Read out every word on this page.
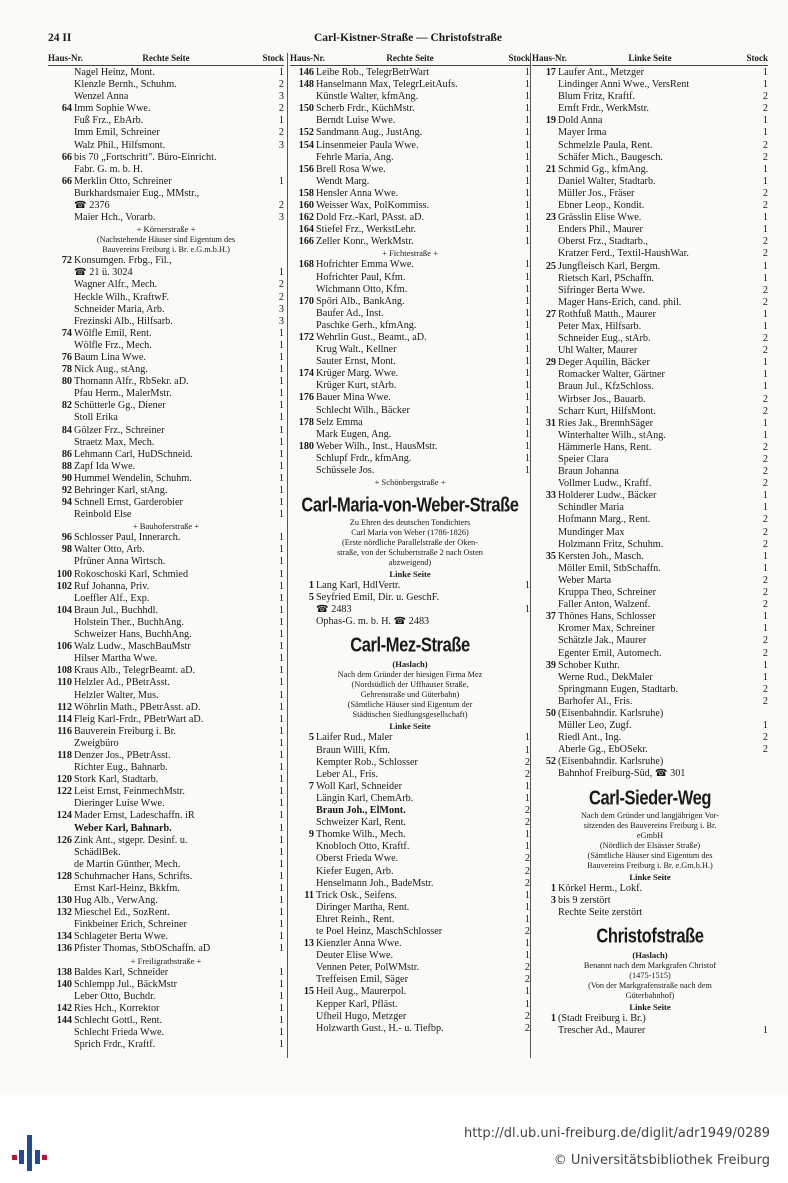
24 II	Carl-Kistner-Straße — Christofstraße
Haus-Nr.	Rechte Seite	Stock
Nagel Heinz, Mont.	1
Klenzle Bernh., Schuhm.	2
Wenzel Anna	3
64 Imm Sophie Wwe.	2
Fuß Frz., EbArb.	1
Imm Emil, Schreiner	2
Walz Phil., Hilfsmont.	3
66 bis 70 „Fortschritt". Büro-Einricht.
Fabr. G. m. b. H.
66 Merklin Otto, Schreiner	1
Burkhardsmaier Eug., MMstr.,
☎ 2376	2
Maier Hch., Vorarb.	3
+ Körnerstraße +
(Nachstehende Häuser sind Eigentum des
Bauvereins Freiburg i. Br. e.G.m.b.H.)
72 Konsumgen. Frbg., Fil.,
☎ 21 ü. 3024	1
Wagner Alfr., Mech.	2
Heckle Wilh., KraftwF.	2
Schneider Maria, Arb.	3
Frezinski Alb., Hilfsarb.	3
74 Wölfle Emil, Rent.	1
Wölfle Frz., Mech.	1
76 Baum Lina Wwe.	1
78 Nick Aug., stAng.	1
80 Thomann Alfr., RbSekr. aD.	1
Pfau Herm., MalerMstr.	1
82 Schütterle Gg., Diener	1
Stoll Erika	1
84 Gölzer Frz., Schreiner	1
Straetz Max, Mech.	1
86 Lehmann Carl, HuDSchneid.	1
88 Zapf Ida Wwe.	1
90 Hummel Wendelin, Schuhm.	1
92 Behringer Karl, stAng.	1
94 Schnell Ernst, Garderobier	1
Reinbold Else	1
+ Bauhoferstraße +
96 Schlosser Paul, Innerarch.	1
98 Walter Otto, Arb.	1
Pfrüner Anna Wirtsch.	1
100 Rokoschoski Karl, Schmied	1
102 Ruf Johanna, Priv.	1
Loeffler Alf., Exp.	1
104 Braun Jul., Buchhdl.	1
Holstein Ther., BuchhAng.	1
Schweizer Hans, BuchhAng.	1
106 Walz Ludw., MaschBauMstr	1
Hilser Martha Wwe.	1
108 Kraus Alb., TelegrBeamt. aD.	1
110 Helzler Ad., PBetrAsst.	1
Helzler Walter, Mus.	1
112 Wöhrlin Math., PBetrAsst. aD.	1
114 Fleig Karl-Frdr., PBetrWart aD.	1
116 Bauverein Freiburg i. Br.	1
Zweigbüro	1
118 Denzer Jos., PBetrAsst.	1
Richter Eug., Bahnarb.	1
120 Stork Karl, Stadtarb.	1
122 Leist Ernst, FeinmechMstr.	1
Dieringer Luise Wwe.	1
124 Mader Ernst, Ladeschaffn. iR	1
Weber Karl, Bahnarb.	1
126 Zink Ant., stgepr. Desinf. u.	1
SchädlBek.	1
de Martin Günther, Mech.	1
128 Schuhmacher Hans, Schrifts.	1
Ernst Karl-Heinz, Bkkfm.	1
130 Hug Alb., VerwAng.	1
132 Mieschel Ed., SozRent.	1
Finkbeiner Erich, Schreiner	1
134 Schlageter Berta Wwe.	1
136 Pfister Thomas, StbOSchaffn. aD	1
+ Freiligrathstraße +
138 Baldes Karl, Schneider	1
140 Schlempp Jul., BäckMstr	1
Leber Otto, Buchdr.	1
142 Ries Hch., Korrektor	1
144 Schlecht Gottl., Rent.	1
Schlecht Frieda Wwe.	1
Sprich Frdr., Kraftf.	1
Haus-Nr.	Rechte Seite	Stock
146 Leibe Rob., TelegrBetrWart	1
148 Hanselmann Max, TelegrLeitAufs.	1
Künstle Walter, kfmAng.	1
150 Scherb Frdr., KüchMstr.	1
Berndt Luise Wwe.	1
152 Sandmann Aug., JustAng.	1
154 Linsenmeier Paula Wwe.	1
Fehrle Maria, Ang.	1
156 Brell Rosa Wwe.	1
Wendt Marg.	1
158 Hensler Anna Wwe.	1
160 Weisser Wax, PolKommiss.	1
162 Dold Frz.-Karl, PAsst. aD.	1
164 Stiefel Frz., WerkstLehr.	1
166 Zeller Konr., WerkMstr.	1
+ Fichtestraße +
168 Hofrichter Emma Wwe.	1
Hofrichter Paul, Kfm.	1
Wichmann Otto, Kfm.	1
170 Spöri Alb., BankAng.	1
Baufer Ad., Inst.	1
Paschke Gerh., kfmAng.	1
172 Wehrlin Gust., Beamt., aD.	1
Krug Walt., Kellner	1
Sauter Ernst, Mont.	1
174 Krüger Marg. Wwe.	1
Krüger Kurt, stArb.	1
176 Bauer Mina Wwe.	1
Schlecht Wilh., Bäcker	1
178 Selz Emma	1
Mark Eugen, Ang.	1
180 Weber Wilh., Inst., HausMstr.	1
Schlupf Frdr., kfmAng.	1
Schüssele Jos.	1
+ Schönbergstraße +
Carl-Maria-von-Weber-Straße
Zu Ehren des deutschen Tondichters
Carl Maria von Weber (1786-1826)
(Erste nördliche Parallelstraße der Oken-
straße, von der Schubertstraße 2 nach Osten
abzweigend)
Linke Seite
1 Lang Karl, HdlVertr.	1
5 Seyfried Emil, Dir. u. GeschF.
☎ 2483	1
Ophas-G. m. b. H. ☎ 2483
Carl-Mez-Straße
(Haslach)
Nach dem Gründer der hiesigen Firma Mez
(Nordsüdlich der Uffhauser Straße,
Gehrenstraße und Güterbahn)
(Sämtliche Häuser sind Eigentum der
Städtischen Siedlungsgesellschaft)
Linke Seite
5 Laifer Rud., Maler	1
Braun Willi, Kfm.	1
Kempter Rob., Schlosser	2
Leber Al., Fris.	2
7 Woll Karl, Schneider	1
Längin Karl, ChemArb.	1
Braun Joh., ElMont.	2
Schweizer Karl, Rent.	2
9 Thomke Wilh., Mech.	1
Knobloch Otto, Kraftf.	1
Oberst Frieda Wwe.	2
Kiefer Eugen, Arb.	2
Henselmann Joh., BadeMstr.	2
11 Trick Osk., Seifens.	1
Diringer Martha, Rent.	1
Ehret Reinh., Rent.	1
te Poel Heinz, MaschSchlosser	2
13 Kienzler Anna Wwe.	1
Deuter Elise Wwe.	1
Vennen Peter, PolWMstr.	2
Treffeisen Emil, Säger	2
15 Heil Aug., Maurerpol.	1
Kepper Karl, Pfläst.	1
Ufheil Hugo, Metzger	2
Holzwarth Gust., H.- u. Tiefbp.	2
Haus-Nr.	Linke Seite	Stock
17 Laufer Ant., Metzger	1
Lindinger Anni Wwe., VersRent	1
Blum Fritz, Kraftf.	2
Ernft Frdr., WerkMstr.	2
19 Dold Anna	1
Mayer Irma	1
Schmelzle Paula, Rent.	2
Schäfer Mich., Baugesch.	2
21 Schmid Gg., kfmAng.	1
Daniel Walter, Stadtarb.	1
Müller Jos., Fräser	2
Ebner Leop., Kondit.	2
23 Grässlin Elise Wwe.	1
Enders Phil., Maurer	1
Oberst Frz., Stadtarb.,	2
Kratzer Ferd., Textil-HaushWar.	2
25 Jungfleisch Karl, Bergm.	1
Rietsch Karl, PSchaffn.	1
Sifringer Berta Wwe.	2
Mager Hans-Erich, cand. phil.	2
27 Rothfuß Matth., Maurer	1
Peter Max, Hilfsarb.	1
Schneider Eug., stArb.	2
Uhl Walter, Maurer	2
29 Deger Aquilin, Bäcker	1
Romacker Walter, Gärtner	1
Braun Jul., KfzSchloss.	1
Wirbser Jos., Bauarb.	2
Scharr Kurt, HilfsMont.	2
31 Ries Jak., BrennhSäger	1
Winterhalter Wilh., stAng.	1
Hämmerle Hans, Rent.	2
Speier Clara	2
Braun Johanna	2
Vollmer Ludw., Kraftf.	2
33 Holderer Ludw., Bäcker	1
Schindler Maria	1
Hofmann Marg., Rent.	2
Mundinger Max	2
Holzmann Fritz, Schuhm.	2
35 Kersten Joh., Masch.	1
Möller Emil, StbSchaffn.	1
Weber Marta	2
Kruppa Theo, Schreiner	2
Faller Anton, Walzenf.	2
37 Thönes Hans, Schlosser	1
Kromer Max, Schreiner	1
Schätzle Jak., Maurer	2
Egenter Emil, Automech.	2
39 Schober Kuthr.	1
Werne Rud., DekMaler	1
Springmann Eugen, Stadtarb.	2
Barhofer Al., Fris.	2
50 (Eisenbahndir. Karlsruhe)
Müller Leo, Zugf.	1
Riedl Ant., Ing.	2
Aberle Gg., EbOSekr.	2
52 (Eisenbahndir. Karlsruhe)
Bahnhof Freiburg-Süd, ☎ 301
Carl-Sieder-Weg
Nach dem Gründer und langjährigen Vor-
sitzenden des Bauvereins Freiburg i. Br.
eGmbH
(Nördlich der Elsässer Straße)
(Sämtliche Häuser sind Eigentum des
Bauvereins Freiburg i. Br. e.Gm.b.H.)
Linke Seite
1 Körkel Herm., Lokf.
3 bis 9 zerstört
Rechte Seite zerstört
Christofstraße
(Haslach)
Benannt nach dem Markgrafen Christof
(1475-1515)
(Von der Markgrafenstraße nach dem
Güterbahnhof)
Linke Seite
1 (Stadt Freiburg i. Br.)
Trescher Ad., Maurer	1
http://dl.ub.uni-freiburg.de/diglit/adr1949/0289
© Universitätsbibliothek Freiburg
